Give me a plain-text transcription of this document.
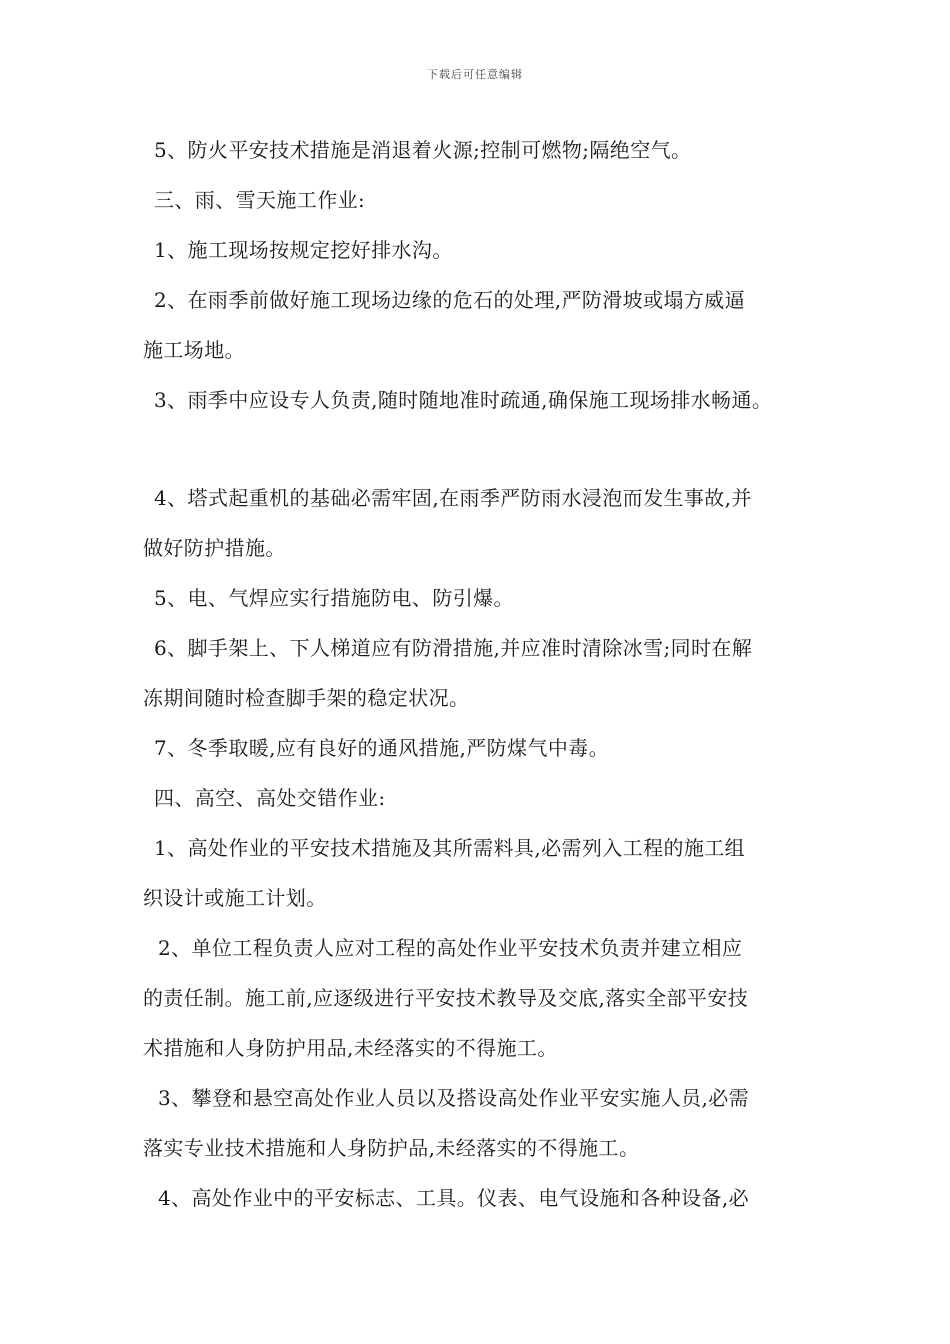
下载后可任意编辑
5、防火平安技术措施是消退着火源;控制可燃物;隔绝空气。
三、雨、雪天施工作业:
1、施工现场按规定挖好排水沟。
2、在雨季前做好施工现场边缘的危石的处理,严防滑坡或塌方威逼
施工场地。
3、雨季中应设专人负责,随时随地准时疏通,确保施工现场排水畅通。
4、塔式起重机的基础必需牢固,在雨季严防雨水浸泡而发生事故,并
做好防护措施。
5、电、气焊应实行措施防电、防引爆。
6、脚手架上、下人梯道应有防滑措施,并应准时清除冰雪;同时在解
冻期间随时检查脚手架的稳定状况。
7、冬季取暖,应有良好的通风措施,严防煤气中毒。
四、高空、高处交错作业:
1、高处作业的平安技术措施及其所需料具,必需列入工程的施工组
织设计或施工计划。
2、单位工程负责人应对工程的高处作业平安技术负责并建立相应
的责任制。施工前,应逐级进行平安技术教导及交底,落实全部平安技
术措施和人身防护用品,未经落实的不得施工。
3、攀登和悬空高处作业人员以及搭设高处作业平安实施人员,必需
落实专业技术措施和人身防护品,未经落实的不得施工。
4、高处作业中的平安标志、工具。仪表、电气设施和各种设备,必
